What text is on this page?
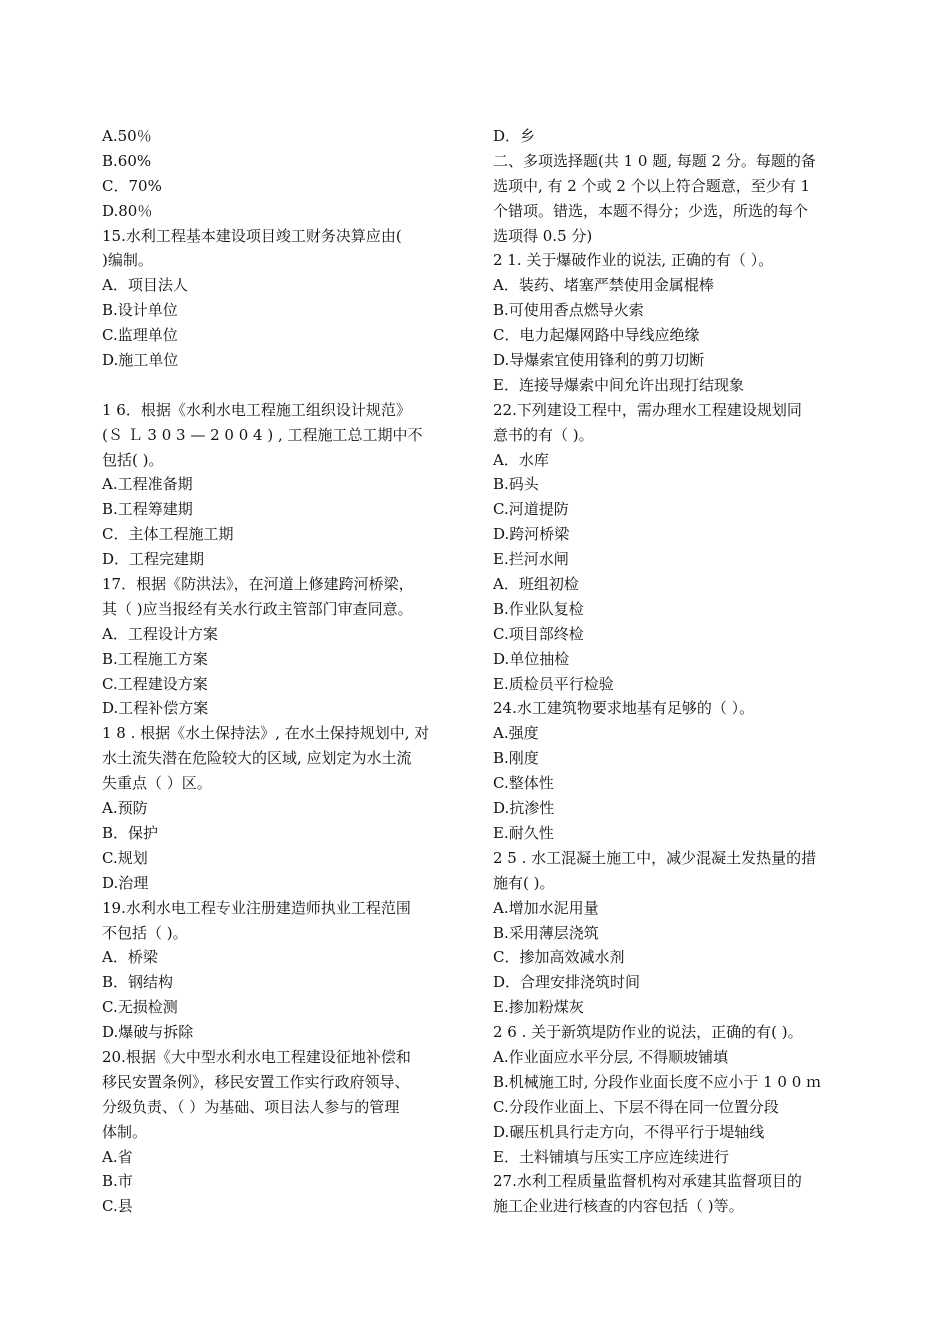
A.50％
B.60%
C．70%
D.80％
15.水利工程基本建设项目竣工财务决算应由(
)编制。
A．项目法人
B.设计单位
C.监理单位
D.施工单位
1 6．根据《水利水电工程施工组织设计规范》
(Ｓ Ｌ 3 0 3 — 2 0 0 4 ) , 工程施工总工期中不
包括( )。
A.工程准备期
B.工程筹建期
C．主体工程施工期
D．工程完建期
17．根据《防洪法》，在河道上修建跨河桥梁，
其（ )应当报经有关水行政主管部门审查同意。
A．工程设计方案
B.工程施工方案
C.工程建设方案
D.工程补偿方案
1 8 . 根据《水土保持法》, 在水土保持规划中, 对
水土流失潜在危险较大的区域, 应划定为水土流
失重点（ ）区。
A.预防
B．保护
C.规划
D.治理
19.水利水电工程专业注册建造师执业工程范围
不包括（ )。
A．桥梁
B．钢结构
C.无损检测
D.爆破与拆除
20.根据《大中型水利水电工程建设征地补偿和
移民安置条例》，移民安置工作实行政府领导、
分级负责、（ ）为基础、项目法人参与的管理
体制。
A.省
B.市
C.县
D．乡
二、多项选择题(共 1 0 题, 每题 2 分。每题的备
选项中, 有 2 个或 2 个以上符合题意，至少有 1
个错项。错选，本题不得分；少选，所选的每个
选项得 0.5 分)
2 1. 关于爆破作业的说法, 正确的有（ ）。
A．装药、堵塞严禁使用金属棍棒
B.可使用香点燃导火索
C．电力起爆网路中导线应绝缘
D.导爆索宜使用锋利的剪刀切断
E．连接导爆索中间允许出现打结现象
22.下列建设工程中，需办理水工程建设规划同
意书的有（ )。
A．水库
B.码头
C.河道提防
D.跨河桥梁
E.拦河水闸
A．班组初检
B.作业队复检
C.项目部终检
D.单位抽检
E.质检员平行检验
24.水工建筑物要求地基有足够的（ ）。
A.强度
B.刚度
C.整体性
D.抗渗性
E.耐久性
2 5 . 水工混凝土施工中，减少混凝土发热量的措
施有( )。
A.增加水泥用量
B.采用薄层浇筑
C．掺加高效减水剂
D．合理安排浇筑时间
E.掺加粉煤灰
2 6 . 关于新筑堤防作业的说法，正确的有( )。
A.作业面应水平分层, 不得顺坡铺填
B.机械施工时, 分段作业面长度不应小于 1 0 0 ｍ
C.分段作业面上、下层不得在同一位置分段
D.碾压机具行走方向，不得平行于堤轴线
E．土料铺填与压实工序应连续进行
27.水利工程质量监督机构对承建其监督项目的
施工企业进行核查的内容包括（ )等。
